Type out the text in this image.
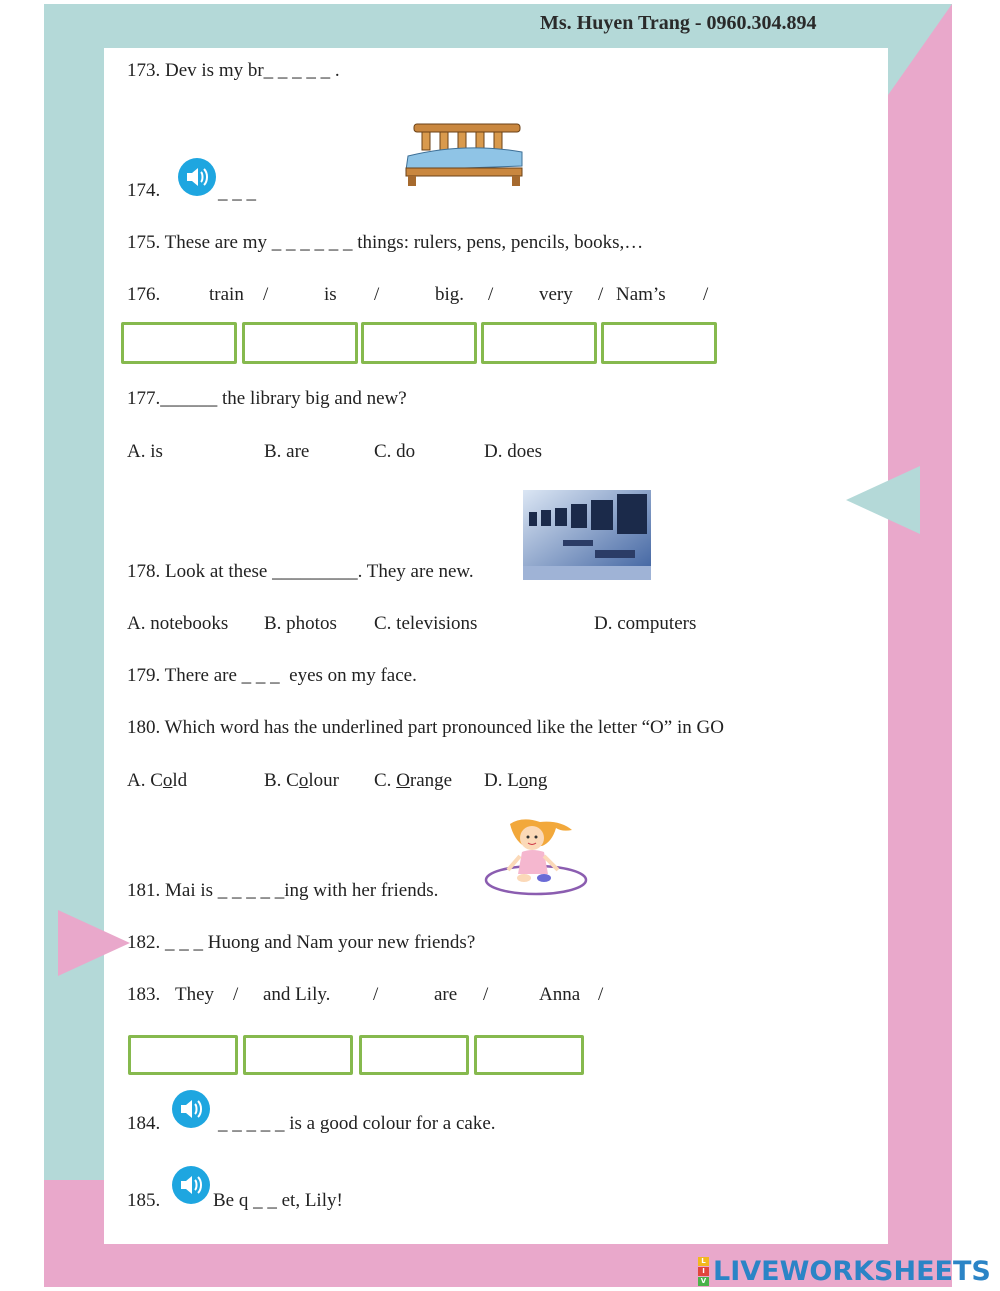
Ms. Huyen Trang - 0960.304.894
173. Dev is my br_ _ _ _ _ .
174.	_ _ _
175. These are my _ _ _ _ _ _ things: rulers, pens, pencils, books,…
176.	train /	is /	big. / very / Nam’s /
177.______ the library big and new?
A. is	B. are	C. do	D. does
178. Look at these _________. They are new.
A. notebooks B. photos C. televisions	D. computers
179. There are _ _ _  eyes on my face.
180. Which word has the underlined part pronounced like the letter “O” in GO
A. Cold	B. Colour C. Orange D. Long
181. Mai is _ _ _ _ _ing with her friends.
182. _ _ _ Huong and Nam your new friends?
183. They / and Lily. /	are /	Anna /
184.	_ _ _ _ _ is a good colour for a cake.
185.	Be q _ _ et, Lily!
L
I
V LIVEWORKSHEETS
